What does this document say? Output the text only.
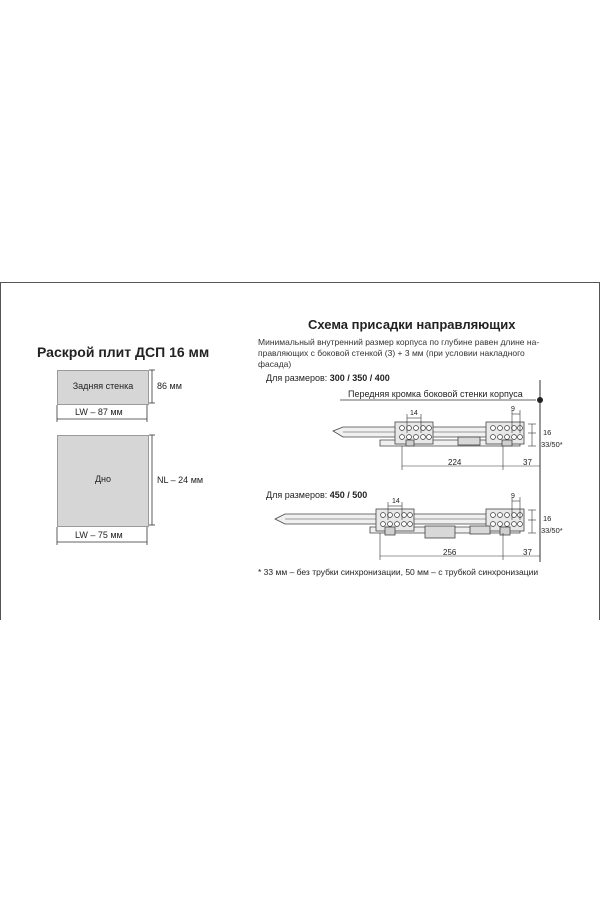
Раскрой плит ДСП 16 мм
Задняя стенка	86 мм
LW – 87 мм
Дно	NL – 24 мм
LW – 75 мм
Схема присадки направляющих
Минимальный внутренний размер корпуса по глубине равен длине на-
правляющих с боковой стенкой (3) + 3 мм (при условии накладного фасада)
Для размеров: 300 / 350 / 400
Передняя кромка боковой стенки корпуса
Для размеров: 450 / 500
* 33 мм – без трубки синхронизации, 50 мм – с трубкой синхронизации
14
9
16
33/50*
224	37
14
9
16
33/50*
256	37
